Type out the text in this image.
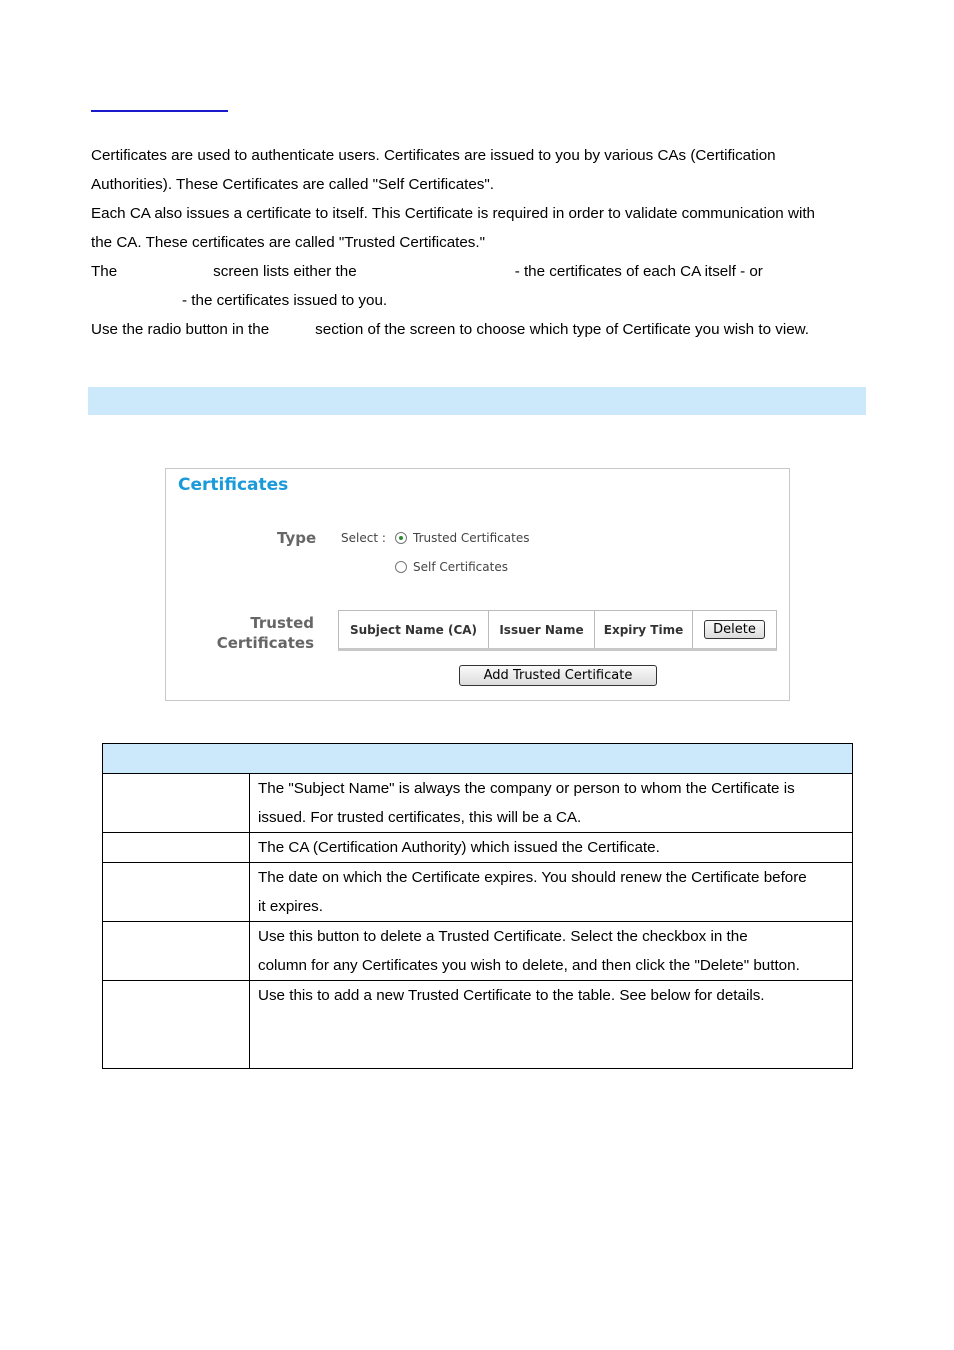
Certificates are used to authenticate users. Certificates are issued to you by various CAs (Certification

Authorities). These Certificates are called "Self Certificates".

Each CA also issues a certificate to itself. This Certificate is required in order to validate communication with

the CA. These certificates are called "Trusted Certificates."

The	screen lists either the	- the certificates of each CA itself - or

- the certificates issued to you.

Use the radio button in the	section of the screen to choose which type of Certificate you wish to view.

Certificates
Type Select : Trusted Certificates
Self Certificates
Trusted
Certificates
Subject Name (CA)	Issuer Name	Expiry Time	Delete
Add Trusted Certificate

	The "Subject Name" is always the company or person to whom the Certificate is
issued. For trusted certificates, this will be a CA.

	The CA (Certification Authority) which issued the Certificate.

	The date on which the Certificate expires. You should renew the Certificate before
it expires.

	Use this button to delete a Trusted Certificate. Select the checkbox in the
column for any Certificates you wish to delete, and then click the "Delete" button.

	Use this to add a new Trusted Certificate to the table. See below for details.
